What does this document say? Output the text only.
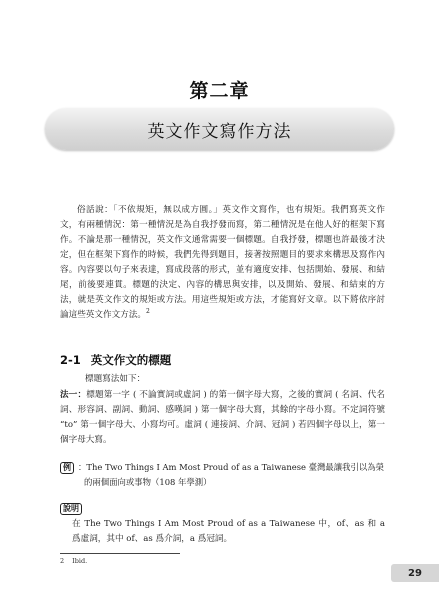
第二章
英文作文寫作方法

俗話說：「不依規矩，無以成方圓。」英文作文寫作，也有規矩。我們寫英文作文，有兩種情況：第一種情況是為自我抒發而寫，第二種情況是在他人好的框架下寫作。不論是那一種情況，英文作文通常需要一個標題。自我抒發，標題也許最後才決定，但在框架下寫作的時候，我們先得到題目，接著按照題目的要求來構思及寫作內容。內容要以句子來表達，寫成段落的形式，並有適度安排、包括開始、發展、和結尾，前後要連貫。標題的決定、內容的構思與安排，以及開始、發展、和結束的方法，就是英文作文的規矩或方法。用這些規矩或方法，才能寫好文章。以下將依序討論這些英文作文方法。$^2$

2-1 英文作文的標題

標題寫法如下：

法一：標題第一字 ( 不論實詞或虛詞 ) 的第一個字母大寫，之後的實詞 ( 名詞、代名詞、形容詞、副詞、動詞、感嘆詞 ) 第一個字母大寫，其餘的字母小寫。不定詞符號 “to” 第一個字母大、小寫均可。虛詞 ( 連接詞、介詞、冠詞 ) 若四個字母以上，第一個字母大寫。

例 ：The Two Things I Am Most Proud of as a Taiwanese 臺灣最讓我引以為榮的兩個面向或事物（108 年學測）
說明

在 The Two Things I Am Most Proud of as a Taiwanese 中，of、as 和 a 爲虛詞，其中 of、as 爲介詞，a 爲冠詞。

2 Ibid.
29
